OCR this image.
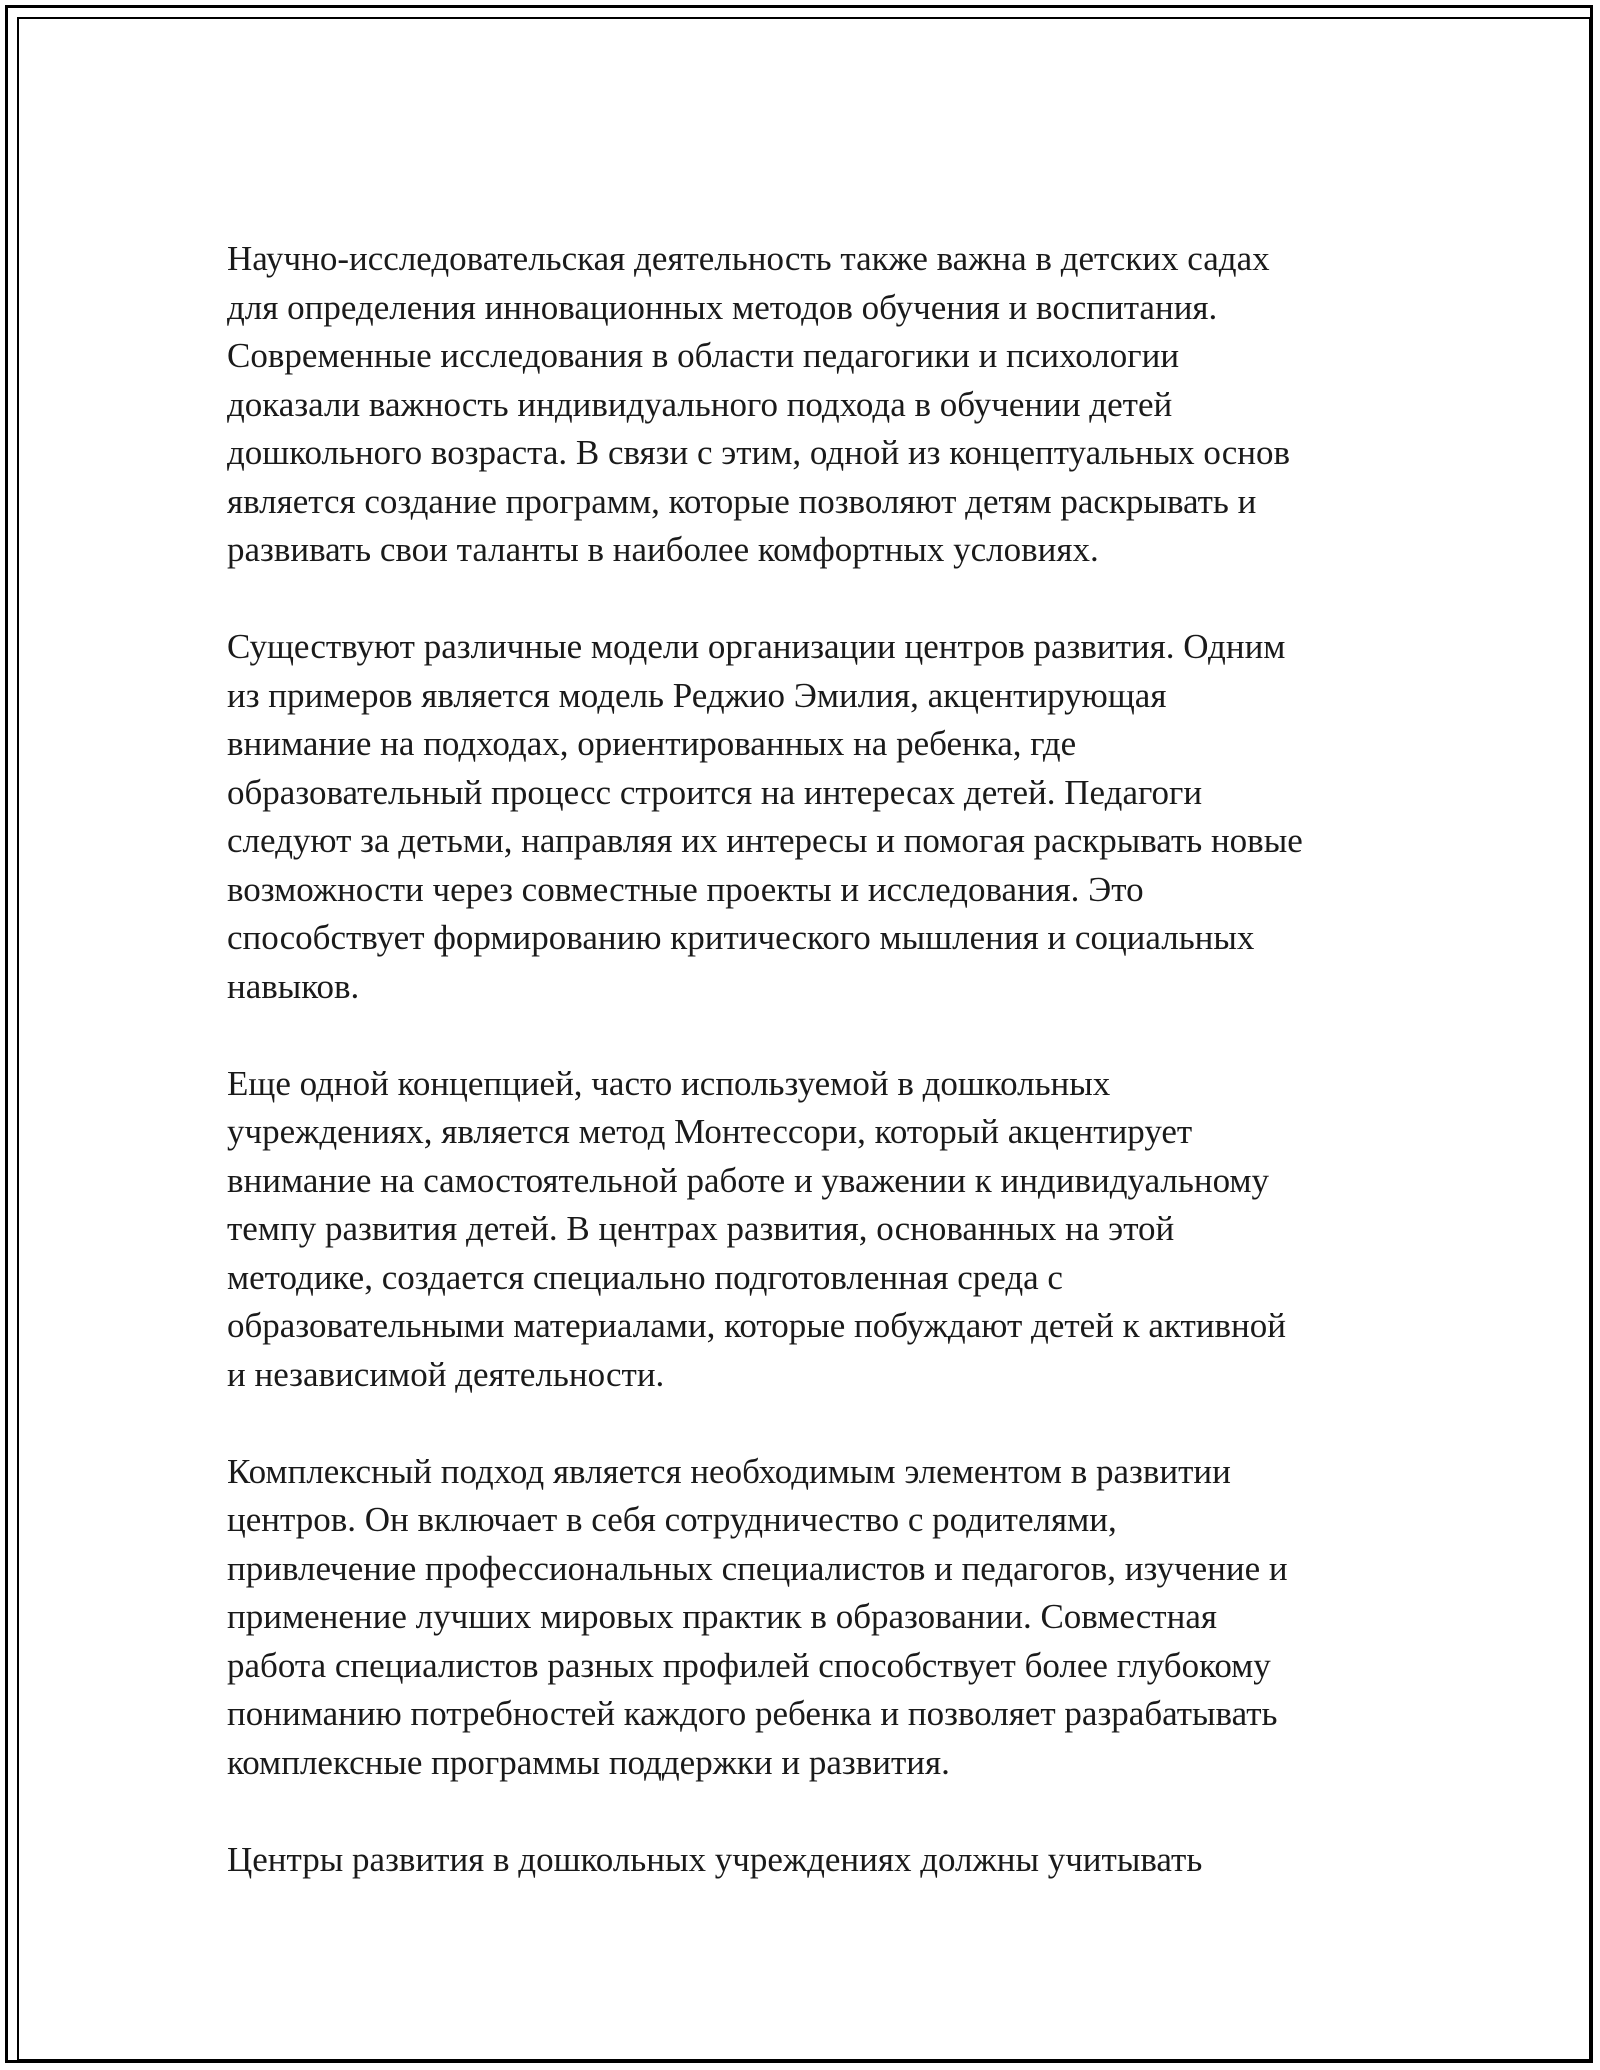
Научно-исследовательская деятельность также важна в детских садах
для определения инновационных методов обучения и воспитания.
Современные исследования в области педагогики и психологии
доказали важность индивидуального подхода в обучении детей
дошкольного возраста. В связи с этим, одной из концептуальных основ
является создание программ, которые позволяют детям раскрывать и
развивать свои таланты в наиболее комфортных условиях.

Существуют различные модели организации центров развития. Одним
из примеров является модель Реджио Эмилия, акцентирующая
внимание на подходах, ориентированных на ребенка, где
образовательный процесс строится на интересах детей. Педагоги
следуют за детьми, направляя их интересы и помогая раскрывать новые
возможности через совместные проекты и исследования. Это
способствует формированию критического мышления и социальных
навыков.

Еще одной концепцией, часто используемой в дошкольных
учреждениях, является метод Монтессори, который акцентирует
внимание на самостоятельной работе и уважении к индивидуальному
темпу развития детей. В центрах развития, основанных на этой
методике, создается специально подготовленная среда с
образовательными материалами, которые побуждают детей к активной
и независимой деятельности.

Комплексный подход является необходимым элементом в развитии
центров. Он включает в себя сотрудничество с родителями,
привлечение профессиональных специалистов и педагогов, изучение и
применение лучших мировых практик в образовании. Совместная
работа специалистов разных профилей способствует более глубокому
пониманию потребностей каждого ребенка и позволяет разрабатывать
комплексные программы поддержки и развития.

Центры развития в дошкольных учреждениях должны учитывать
